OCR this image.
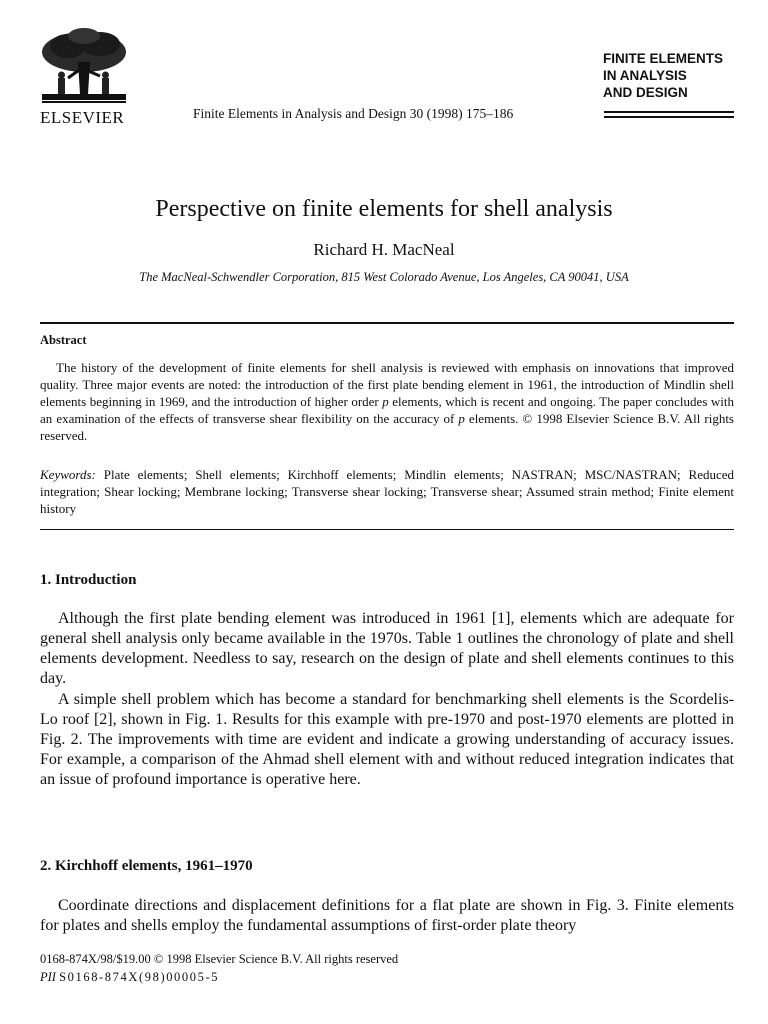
ELSEVIER	Finite Elements in Analysis and Design 30 (1998) 175–186
FINITE ELEMENTS
IN ANALYSIS
AND DESIGN
Perspective on finite elements for shell analysis
Richard H. MacNeal
The MacNeal-Schwendler Corporation, 815 West Colorado Avenue, Los Angeles, CA 90041, USA
Abstract
The history of the development of finite elements for shell analysis is reviewed with emphasis on innovations that improved quality. Three major events are noted: the introduction of the first plate bending element in 1961, the introduction of Mindlin shell elements beginning in 1969, and the introduction of higher order p elements, which is recent and ongoing. The paper concludes with an examination of the effects of transverse shear flexibility on the accuracy of p elements. © 1998 Elsevier Science B.V. All rights reserved.
Keywords: Plate elements; Shell elements; Kirchhoff elements; Mindlin elements; NASTRAN; MSC/NASTRAN; Reduced integration; Shear locking; Membrane locking; Transverse shear locking; Transverse shear; Assumed strain method; Finite element history
1. Introduction
Although the first plate bending element was introduced in 1961 [1], elements which are adequate for general shell analysis only became available in the 1970s. Table 1 outlines the chronology of plate and shell elements development. Needless to say, research on the design of plate and shell elements continues to this day.
A simple shell problem which has become a standard for benchmarking shell elements is the Scordelis-Lo roof [2], shown in Fig. 1. Results for this example with pre-1970 and post-1970 elements are plotted in Fig. 2. The improvements with time are evident and indicate a growing understanding of accuracy issues. For example, a comparison of the Ahmad shell element with and without reduced integration indicates that an issue of profound importance is operative here.
2. Kirchhoff elements, 1961–1970
Coordinate directions and displacement definitions for a flat plate are shown in Fig. 3. Finite elements for plates and shells employ the fundamental assumptions of first-order plate theory
0168-874X/98/$19.00 © 1998 Elsevier Science B.V. All rights reserved
PII S0168-874X(98)00005-5
